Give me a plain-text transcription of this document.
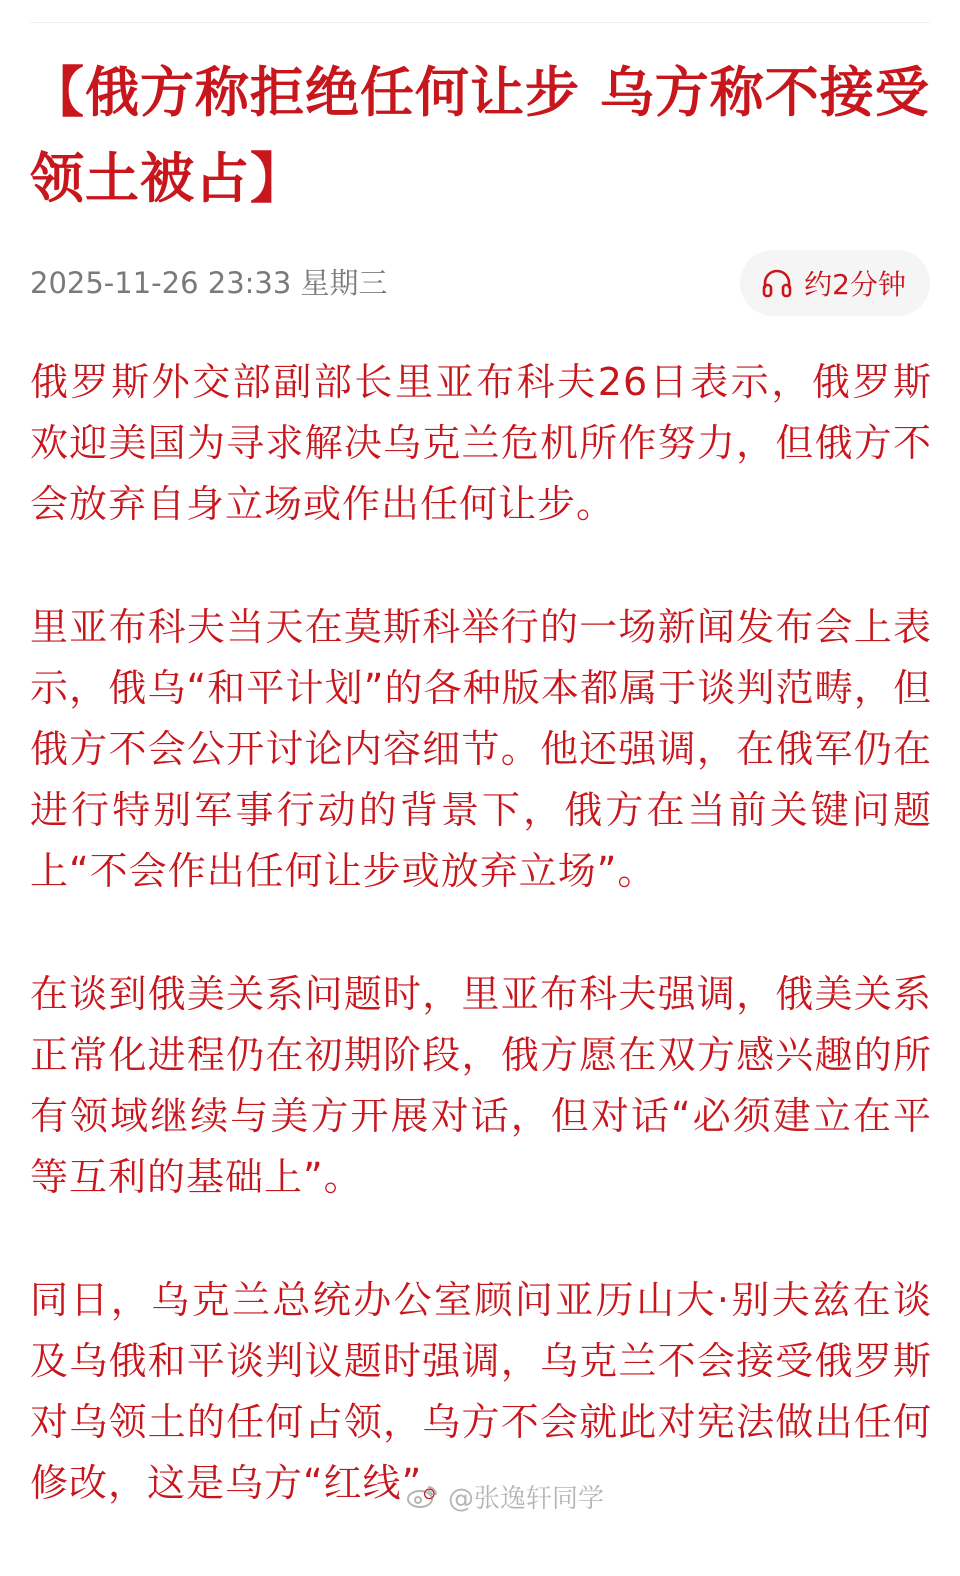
【俄方称拒绝任何让步 乌方称不接受领土被占】
2025-11-26 23:33 星期三	约2分钟

俄罗斯外交部副部长里亚布科夫26日表示，俄罗斯欢迎美国为寻求解决乌克兰危机所作努力，但俄方不会放弃自身立场或作出任何让步。

里亚布科夫当天在莫斯科举行的一场新闻发布会上表示，俄乌“和平计划”的各种版本都属于谈判范畴，但俄方不会公开讨论内容细节。他还强调，在俄军仍在进行特别军事行动的背景下，俄方在当前关键问题上“不会作出任何让步或放弃立场”。

在谈到俄美关系问题时，里亚布科夫强调，俄美关系正常化进程仍在初期阶段，俄方愿在双方感兴趣的所有领域继续与美方开展对话，但对话“必须建立在平等互利的基础上”。

同日，乌克兰总统办公室顾问亚历山大·别夫兹在谈及乌俄和平谈判议题时强调，乌克兰不会接受俄罗斯对乌领土的任何占领，乌方不会就此对宪法做出任何修改，这是乌方“红线”。

@张逸轩同学
